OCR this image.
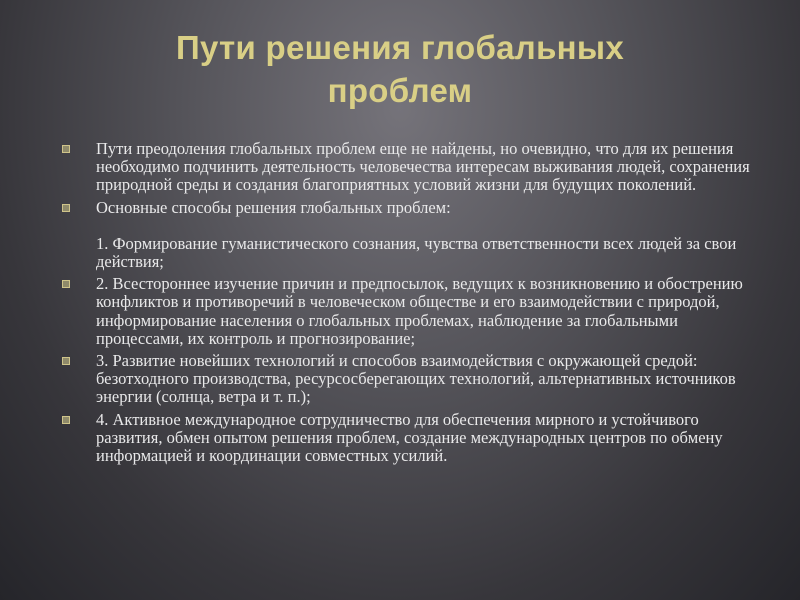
Пути решения глобальных
проблем
Пути преодоления глобальных проблем еще не найдены, но очевидно, что для их решения необходимо подчинить деятельность человечества интересам выживания людей, сохранения природной среды и создания благоприятных условий жизни для будущих поколений.
Основные способы решения глобальных проблем:
1. Формирование гуманистического сознания, чувства ответственности всех людей за свои действия;
2. Всестороннее изучение причин и предпосылок, ведущих к возникновению и обострению конфликтов и противоречий в человеческом обществе и его взаимодействии с природой, информирование населения о глобальных проблемах, наблюдение за глобальными процессами, их контроль и прогнозирование;
3. Развитие новейших технологий и способов взаимодействия с окружающей средой: безотходного производства, ресурсосберегающих технологий, альтернативных источников энергии (солнца, ветра и т. п.);
4. Активное международное сотрудничество для обеспечения мирного и устойчивого развития, обмен опытом решения проблем, создание международных центров по обмену информацией и координации совместных усилий.
